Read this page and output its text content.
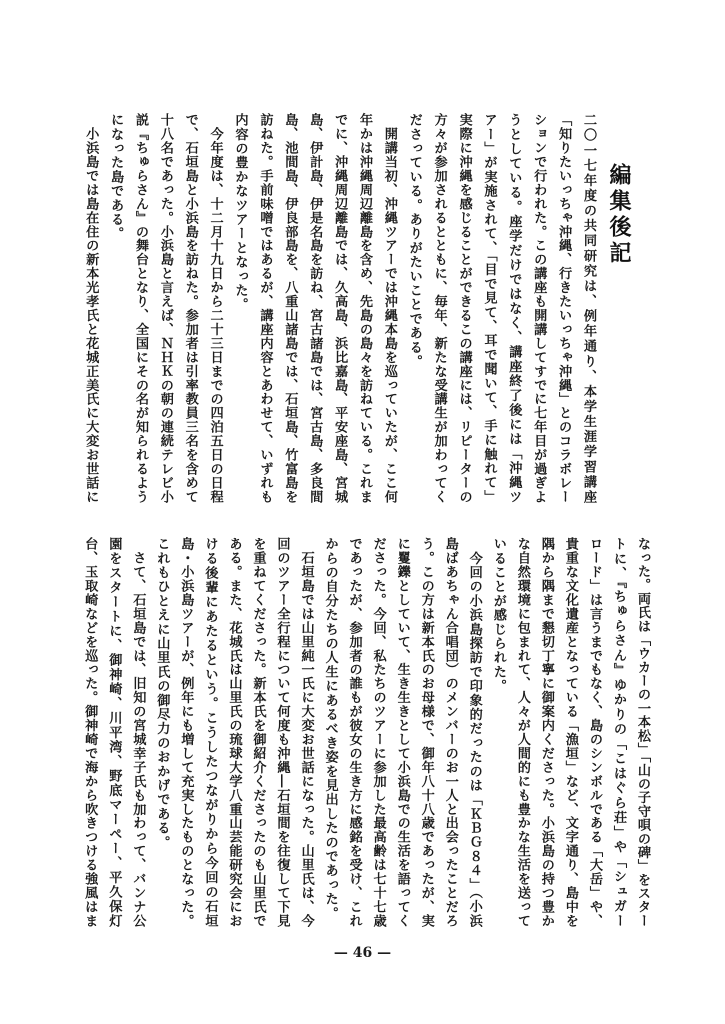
編集後記
二〇一七年度の共同研究は、例年通り、本学生涯学習講座
「知りたいっちゃ沖縄、行きたいっちゃ沖縄」とのコラボレー
ションで行われた。この講座も開講してすでに七年目が過ぎよ
うとしている。座学だけではなく、講座終了後には「沖縄ツ
アー」が実施されて、「目で見て、耳で聞いて、手に触れて」
実際に沖縄を感じることができるこの講座には、リピーターの
方々が参加されるとともに、毎年、新たな受講生が加わってく
ださっている。ありがたいことである。
　開講当初、沖縄ツアーでは沖縄本島を巡っていたが、ここ何
年かは沖縄周辺離島を含め、先島の島々を訪ねている。これま
でに、沖縄周辺離島では、久高島、浜比嘉島、平安座島、宮城
島、伊計島、伊是名島を訪ね、宮古諸島では、宮古島、多良間
島、池間島、伊良部島を、八重山諸島では、石垣島、竹富島を
訪ねた。手前味噌ではあるが、講座内容とあわせて、いずれも
内容の豊かなツアーとなった。
　今年度は、十二月十九日から二十三日までの四泊五日の日程
で、石垣島と小浜島を訪ねた。参加者は引率教員三名を含めて
十八名であった。小浜島と言えば、ＮＨＫの朝の連続テレビ小
説『ちゅらさん』の舞台となり、全国にその名が知られるよう
になった島である。
　小浜島では島在住の新本光孝氏と花城正美氏に大変お世話に
なった。両氏は「ウカーの一本松」「山の子守唄の碑」をスター
トに、『ちゅらさん』ゆかりの「こはぐら荘」や「シュガー
ロード」は言うまでもなく、島のシンボルである「大岳」や、
貴重な文化遺産となっている「漁垣」など、文字通り、島中を
隅から隅まで懇切丁寧に御案内くださった。小浜島の持つ豊か
な自然環境に包まれて、人々が人間的にも豊かな生活を送って
いることが感じられた。
　今回の小浜島探訪で印象的だったのは「ＫＢＧ８４」（小浜
島ばあちゃん合唱団）のメンバーのお一人と出会ったことだろ
う。この方は新本氏のお母様で、御年八十八歳であったが、実
に矍鑠としていて、生き生きとして小浜島での生活を語ってく
ださった。今回、私たちのツアーに参加した最高齢は七十七歳
であったが、参加者の誰もが彼女の生き方に感銘を受け、これ
からの自分たちの人生にあるべき姿を見出したのであった。
　石垣島では山里純一氏に大変お世話になった。山里氏は、今
回のツアー全行程について何度も沖縄―石垣間を往復して下見
を重ねてくださった。新本氏を御紹介くださったのも山里氏で
ある。また、花城氏は山里氏の琉球大学八重山芸能研究会にお
ける後輩にあたるという。こうしたつながりから今回の石垣
島・小浜島ツアーが、例年にも増して充実したものとなった。
これもひとえに山里氏の御尽力のおかげである。
　さて、石垣島では、旧知の宮城幸子氏も加わって、バンナ公
園をスタートに、御神崎、川平湾、野底マーペー、平久保灯
台、玉取崎などを巡った。御神崎で海から吹きつける強風はま
— 46 —
